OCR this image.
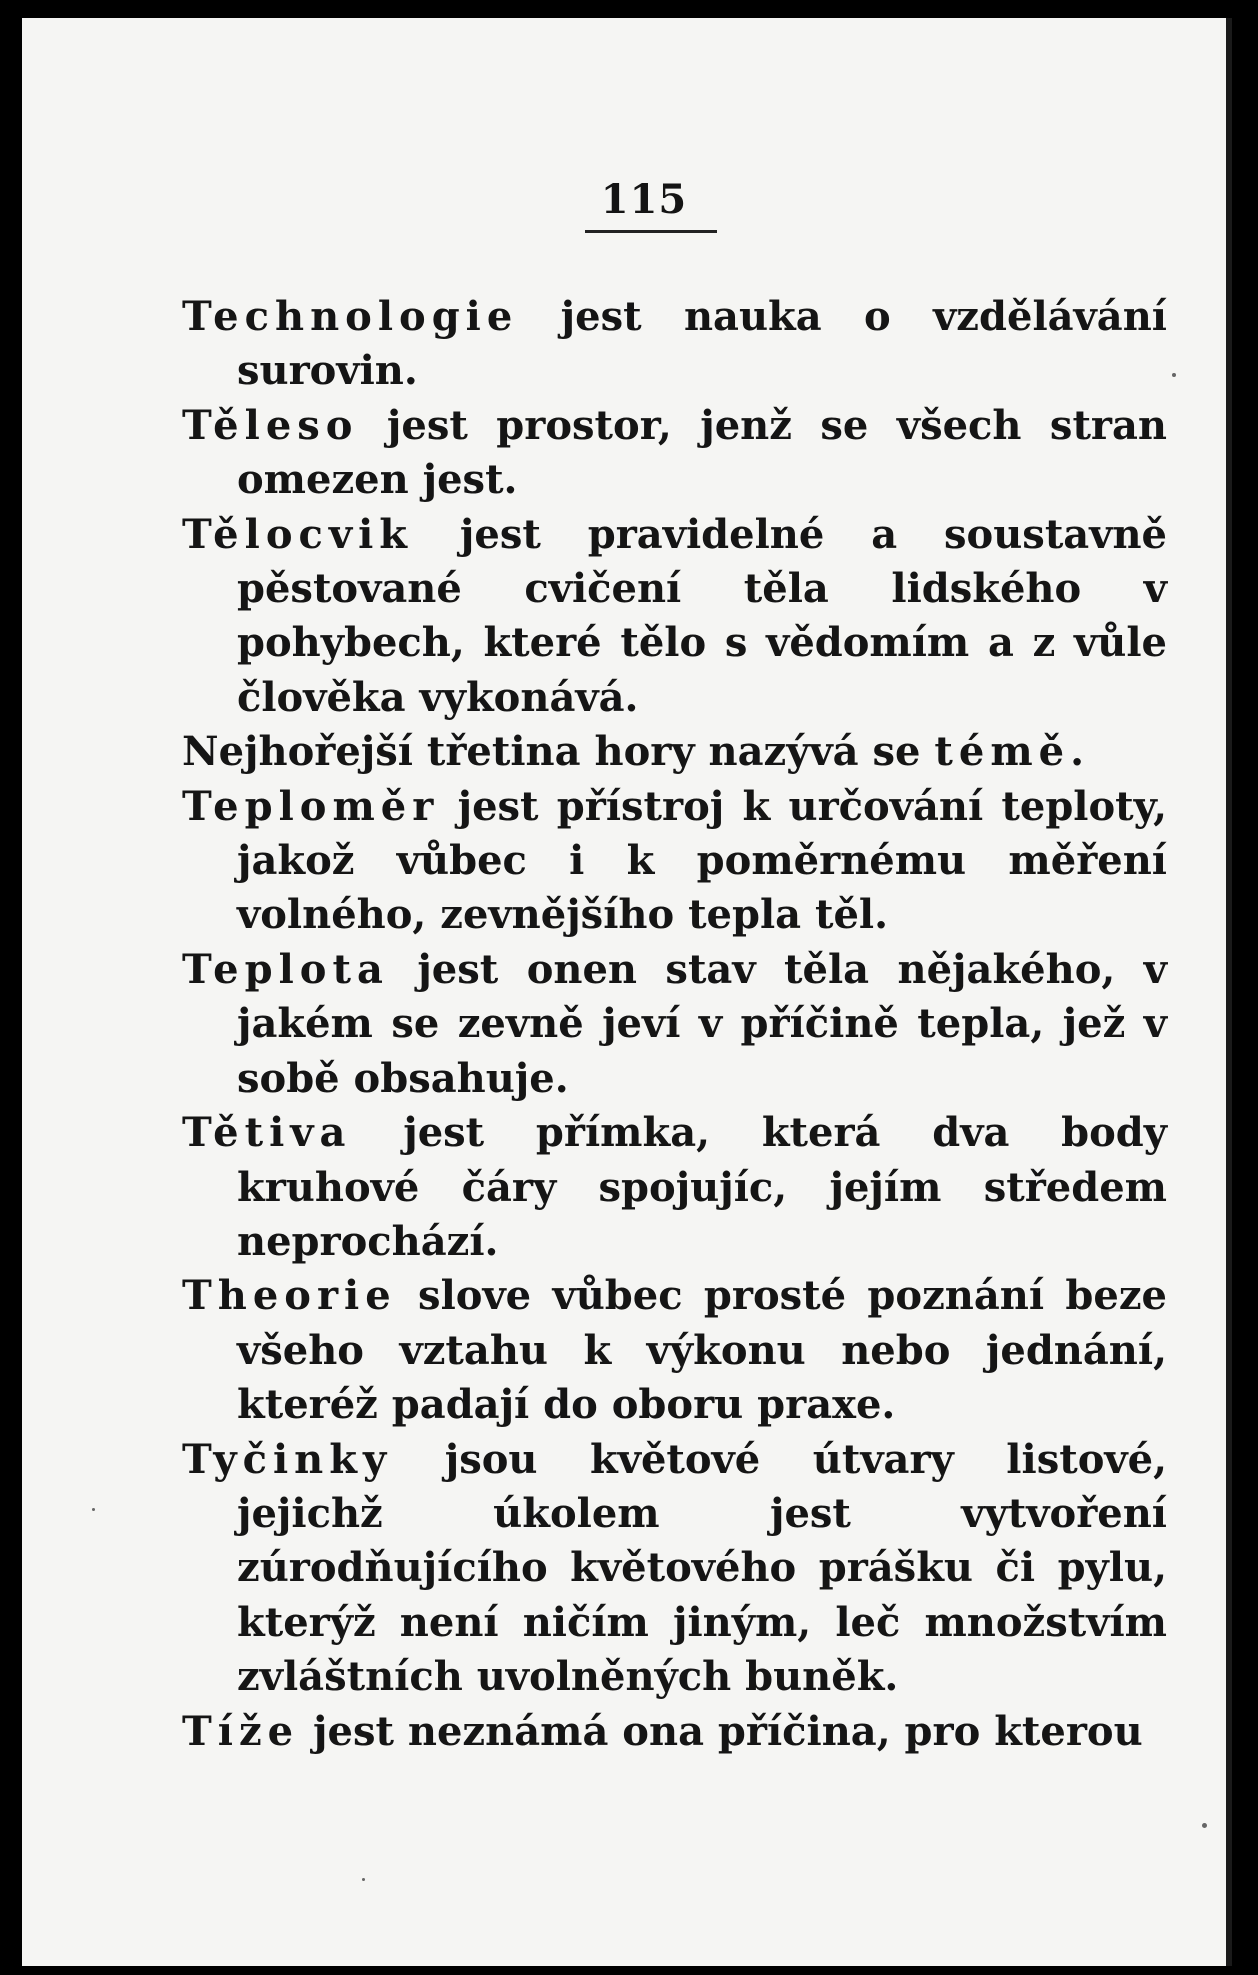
115

Technologie jest nauka o vzdělávání surovin.

Těleso jest prostor, jenž se všech stran omezen jest.

Tělocvik jest pravidelné a soustavně pěstované cvičení těla lidského v pohybech, které tělo s vědomím a z vůle člověka vykonává.

Nejhořejší třetina hory nazývá se témě.

Teploměr jest přístroj k určování teploty, jakož vůbec i k poměrnému měření volného, zevnějšího tepla těl.

Teplota jest onen stav těla nějakého, v jakém se zevně jeví v příčině tepla, jež v sobě obsahuje.

Tětiva jest přímka, která dva body kruhové čáry spojujíc, jejím středem neprochází.

Theorie slove vůbec prosté poznání beze všeho vztahu k výkonu nebo jednání, kteréž padají do oboru praxe.

Tyčinky jsou květové útvary listové, jejichž úkolem jest vytvoření zúrodňujícího květového prášku či pylu, kterýž není ničím jiným, leč množstvím zvláštních uvolněných buněk.

Tíže jest neznámá ona příčina, pro kterou
